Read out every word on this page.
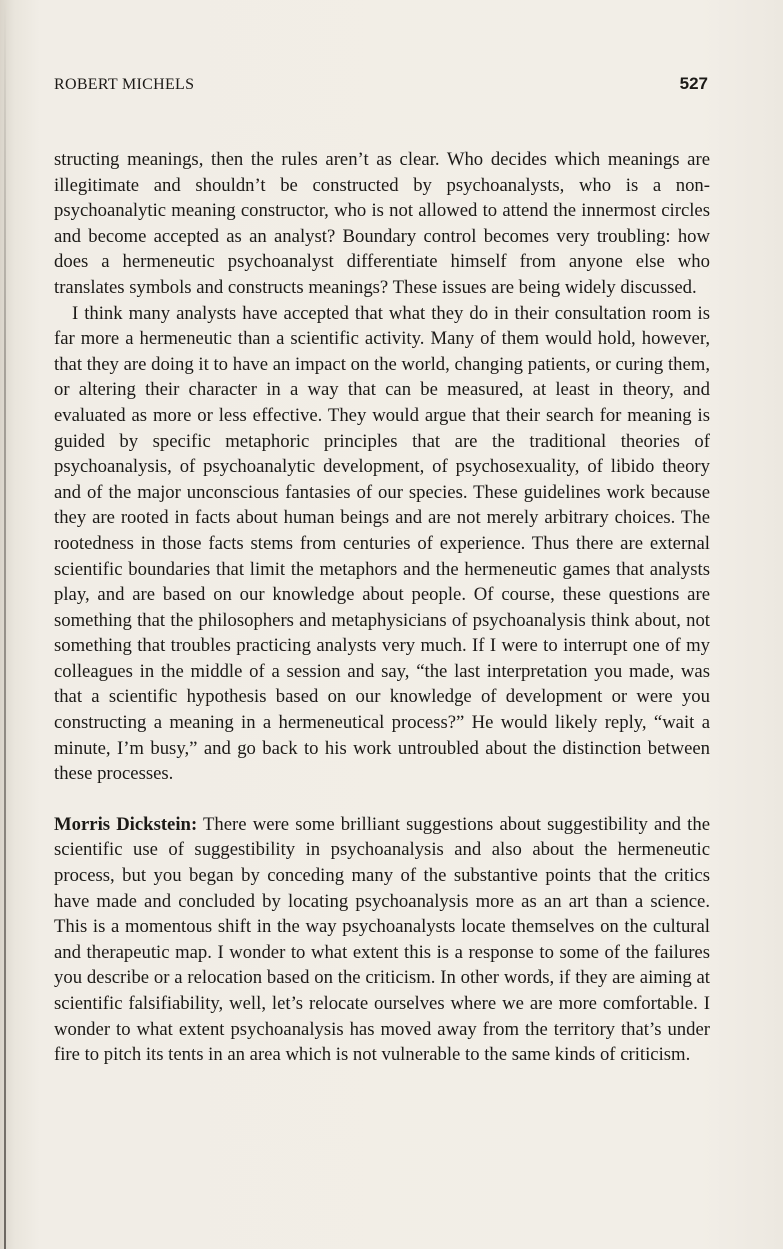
ROBERT MICHELS	527

structing meanings, then the rules aren’t as clear. Who decides which meanings are illegitimate and shouldn’t be constructed by psychoanalysts, who is a non-psychoanalytic meaning constructor, who is not allowed to attend the innermost circles and become accepted as an analyst? Boundary control becomes very troubling: how does a hermeneutic psychoanalyst differentiate himself from anyone else who translates symbols and constructs meanings? These issues are being widely discussed.

I think many analysts have accepted that what they do in their consultation room is far more a hermeneutic than a scientific activity. Many of them would hold, however, that they are doing it to have an impact on the world, changing patients, or curing them, or altering their character in a way that can be measured, at least in theory, and evaluated as more or less effective. They would argue that their search for meaning is guided by specific metaphoric principles that are the traditional theories of psychoanalysis, of psychoanalytic development, of psychosexuality, of libido theory and of the major unconscious fantasies of our species. These guidelines work because they are rooted in facts about human beings and are not merely arbitrary choices. The rootedness in those facts stems from centuries of experience. Thus there are external scientific boundaries that limit the metaphors and the hermeneutic games that analysts play, and are based on our knowledge about people. Of course, these questions are something that the philosophers and metaphysicians of psychoanalysis think about, not something that troubles practicing analysts very much. If I were to interrupt one of my colleagues in the middle of a session and say, “the last interpretation you made, was that a scientific hypothesis based on our knowledge of development or were you constructing a meaning in a hermeneutical process?” He would likely reply, “wait a minute, I’m busy,” and go back to his work untroubled about the distinction between these processes.

Morris Dickstein: There were some brilliant suggestions about suggestibility and the scientific use of suggestibility in psychoanalysis and also about the hermeneutic process, but you began by conceding many of the substantive points that the critics have made and concluded by locating psychoanalysis more as an art than a science. This is a momentous shift in the way psychoanalysts locate themselves on the cultural and therapeutic map. I wonder to what extent this is a response to some of the failures you describe or a relocation based on the criticism. In other words, if they are aiming at scientific falsifiability, well, let’s relocate ourselves where we are more comfortable. I wonder to what extent psychoanalysis has moved away from the territory that’s under fire to pitch its tents in an area which is not vulnerable to the same kinds of criticism.
